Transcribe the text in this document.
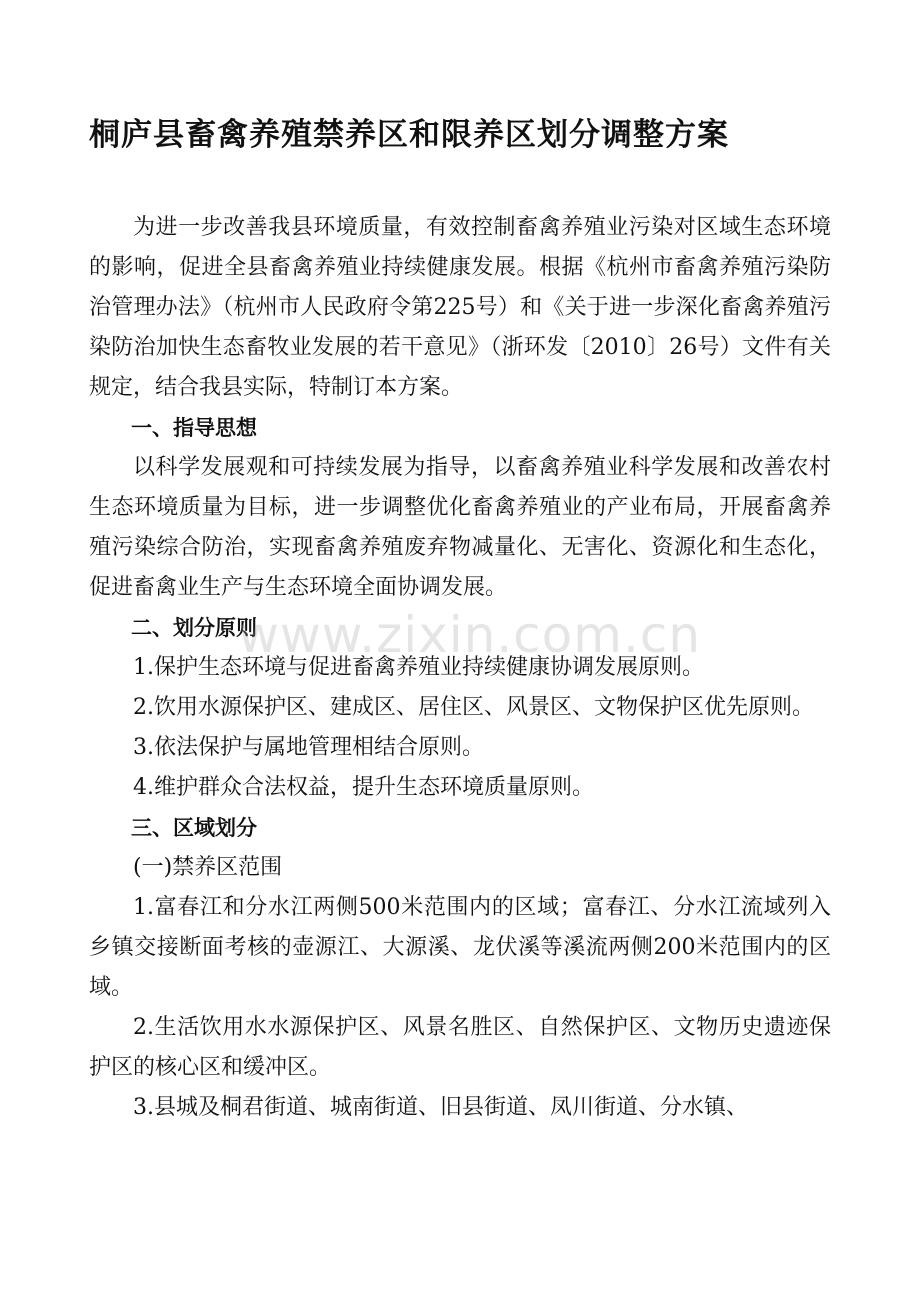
桐庐县畜禽养殖禁养区和限养区划分调整方案

为进一步改善我县环境质量，有效控制畜禽养殖业污染对区域生态环境的影响，促进全县畜禽养殖业持续健康发展。根据《杭州市畜禽养殖污染防治管理办法》（杭州市人民政府令第225号）和《关于进一步深化畜禽养殖污染防治加快生态畜牧业发展的若干意见》（浙环发〔2010〕26号）文件有关规定，结合我县实际，特制订本方案。

一、指导思想

以科学发展观和可持续发展为指导，以畜禽养殖业科学发展和改善农村生态环境质量为目标，进一步调整优化畜禽养殖业的产业布局，开展畜禽养殖污染综合防治，实现畜禽养殖废弃物减量化、无害化、资源化和生态化，促进畜禽业生产与生态环境全面协调发展。

二、划分原则

1.保护生态环境与促进畜禽养殖业持续健康协调发展原则。

2.饮用水源保护区、建成区、居住区、风景区、文物保护区优先原则。

3.依法保护与属地管理相结合原则。

4.维护群众合法权益，提升生态环境质量原则。

三、区域划分

(一)禁养区范围

1.富春江和分水江两侧500米范围内的区域；富春江、分水江流域列入　乡镇交接断面考核的壶源江、大源溪、龙伏溪等溪流两侧200米范围内的区域。

2.生活饮用水水源保护区、风景名胜区、自然保护区、文物历史遗迹保护区的核心区和缓冲区。

3.县城及桐君街道、城南街道、旧县街道、凤川街道、分水镇、

www.zixin.com.cn
